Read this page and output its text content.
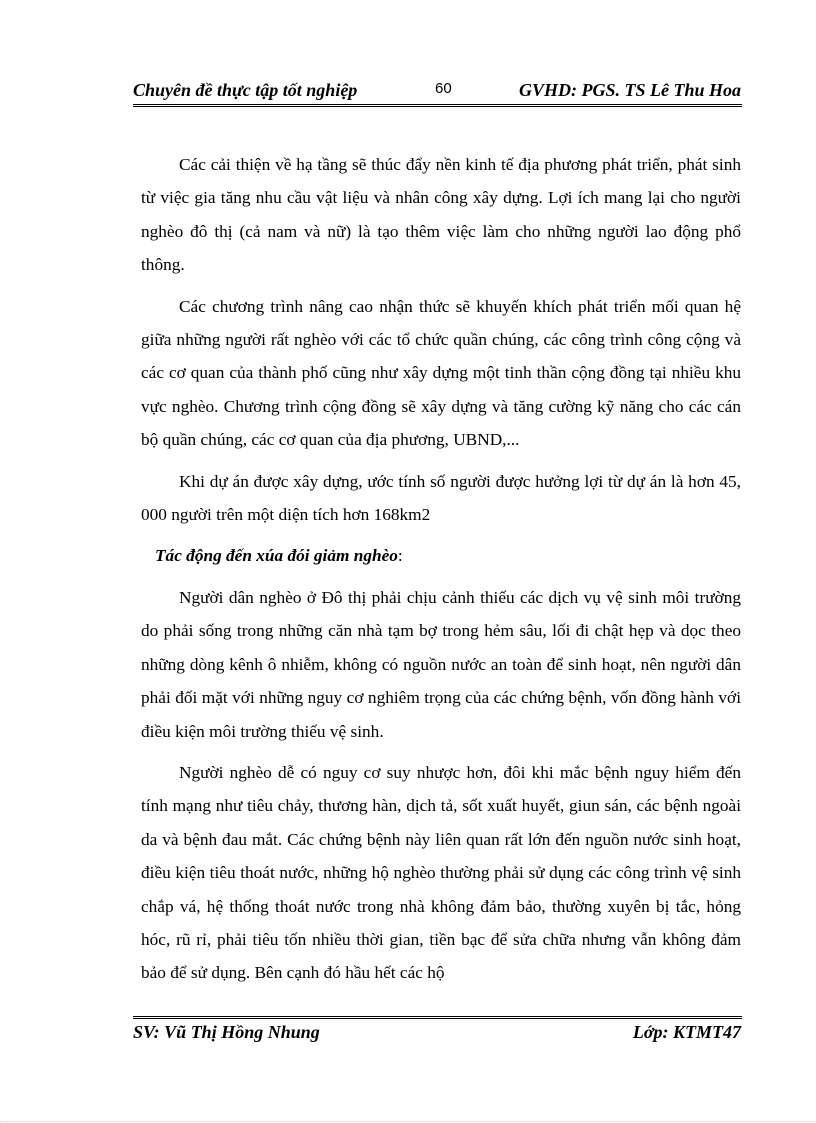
Chuyên đề thực tập tốt nghiệp	60	GVHD: PGS. TS Lê Thu Hoa

Các cải thiện về hạ tầng sẽ thúc đẩy nền kinh tế địa phương phát triển, phát sinh từ việc gia tăng nhu cầu vật liệu và nhân công xây dựng. Lợi ích mang lại cho người nghèo đô thị (cả nam và nữ) là tạo thêm việc làm cho những người lao động phổ thông.

Các chương trình nâng cao nhận thức sẽ khuyến khích phát triển mối quan hệ giữa những người rất nghèo với các tổ chức quần chúng, các công trình công cộng và các cơ quan của thành phố cũng như xây dựng một tinh thần cộng đồng tại nhiều khu vực nghèo. Chương trình cộng đồng sẽ xây dựng và tăng cường kỹ năng cho các cán bộ quần chúng, các cơ quan của địa phương, UBND,...

Khi dự án được xây dựng, ước tính số người được hưởng lợi từ dự án là hơn 45, 000 người trên một diện tích hơn 168km2

Tác động đến xúa đói giảm nghèo:

Người dân nghèo ở Đô thị phải chịu cảnh thiếu các dịch vụ vệ sinh môi trường do phải sống trong những căn nhà tạm bợ trong hẻm sâu, lối đi chật hẹp và dọc theo những dòng kênh ô nhiễm, không có nguồn nước an toàn để sinh hoạt, nên người dân phải đối mặt với những nguy cơ nghiêm trọng của các chứng bệnh, vốn đồng hành với điều kiện môi trường thiếu vệ sinh.

Người nghèo dễ có nguy cơ suy nhược hơn, đôi khi mắc bệnh nguy hiểm đến tính mạng như tiêu chảy, thương hàn, dịch tả, sốt xuất huyết, giun sán, các bệnh ngoài da và bệnh đau mắt. Các chứng bệnh này liên quan rất lớn đến nguồn nước sinh hoạt, điều kiện tiêu thoát nước, những hộ nghèo thường phải sử dụng các công trình vệ sinh chắp vá, hệ thống thoát nước trong nhà không đảm bảo, thường xuyên bị tắc, hỏng hóc, rũ rỉ, phải tiêu tốn nhiều thời gian, tiền bạc để sửa chữa nhưng vẫn không đảm bảo để sử dụng. Bên cạnh đó hầu hết các hộ

SV: Vũ Thị Hồng Nhung	Lớp: KTMT47
